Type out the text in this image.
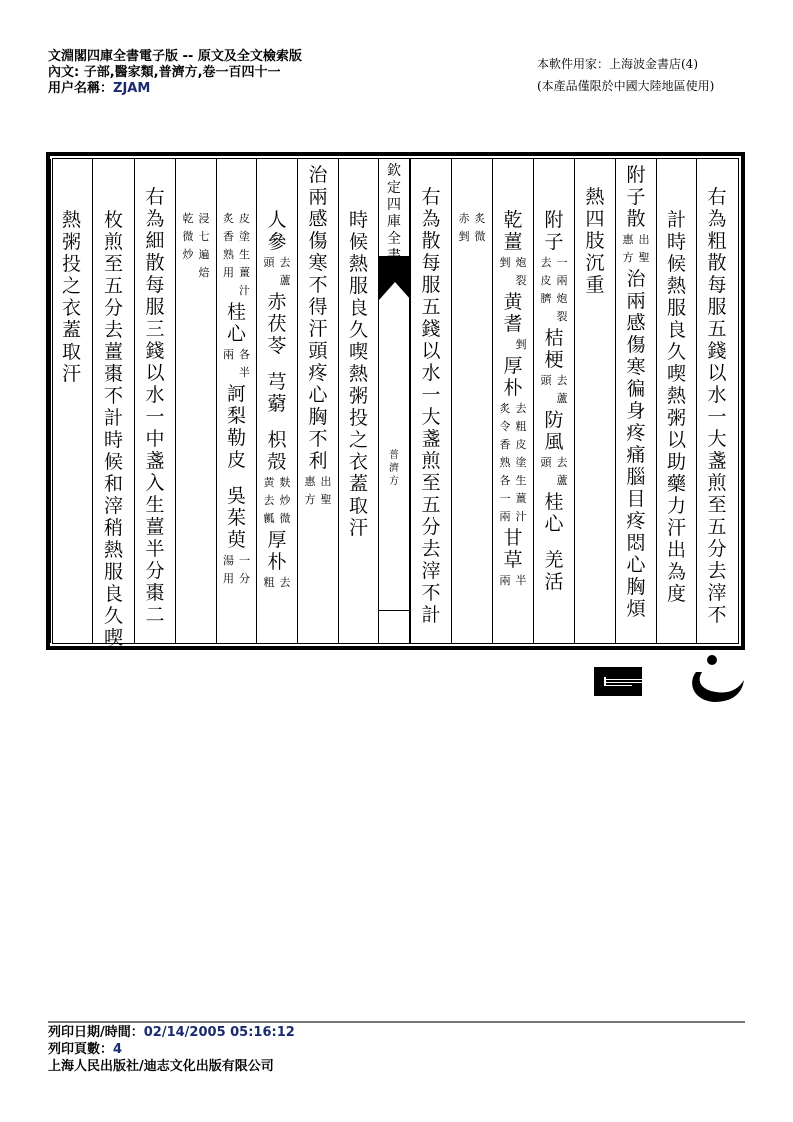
文淵閣四庫全書電子版 -- 原文及全文檢索版
內文: 子部,醫家類,普濟方,卷一百四十一
用户名稱：ZJAM
本軟件用家：上海波金書店(4)
(本產品僅限於中國大陸地區使用)
右
為
粗
散
每
服
五
錢
以
水
一
大
盞
煎
至
五
分
去
滓
不
計
時
候
熱
服
良
久
喫
熱
粥
以
助
藥
力
汗
出
為
度
附
子
散
出
聖
惠
方
治
兩
感
傷
寒
徧
身
疼
痛
腦
目
疼
悶
心
胸
煩
熱
四
肢
沉
重
附
子
一
兩
炮
裂
去
皮
臍
桔
梗
去
蘆
頭
防
風
去
蘆
頭
桂
心
羌
活
乾
薑
炮
裂
剉
黄
耆
剉
厚
朴
去
粗
皮
塗
生
薑
汁
炙
令
香
熟
各
一
兩
甘
草
半
兩
炙
微
赤
剉
右
為
散
每
服
五
錢
以
水
一
大
盞
煎
至
五
分
去
滓
不
計
時
候
熱
服
良
久
喫
熱
粥
投
之
衣
蓋
取
汗
治
兩
感
傷
寒
不
得
汗
頭
疼
心
胸
不
利
出
聖
惠
方
人
參
去
蘆
頭
赤
茯
苓
芎
藭
枳
殻
麩
炒
微
黄
去
瓤
厚
朴
去
粗
皮
塗
生
薑
汁
炙
香
熟
用
桂
心
各
半
兩
訶
梨
勒
皮
吳
茱
萸
一
分
湯
用
浸
七
遍
焙
乾
微
炒
右
為
細
散
每
服
三
錢
以
水
一
中
盞
入
生
薑
半
分
棗
二
枚
煎
至
五
分
去
薑
棗
不
計
時
候
和
滓
稍
熱
服
良
久
喫
熱
粥
投
之
衣
蓋
取
汗
欽
定
四
庫
全
普
濟
方
列印日期/時間：02/14/2005 05:16:12
列印頁數：4
上海人民出版社/迪志文化出版有限公司
